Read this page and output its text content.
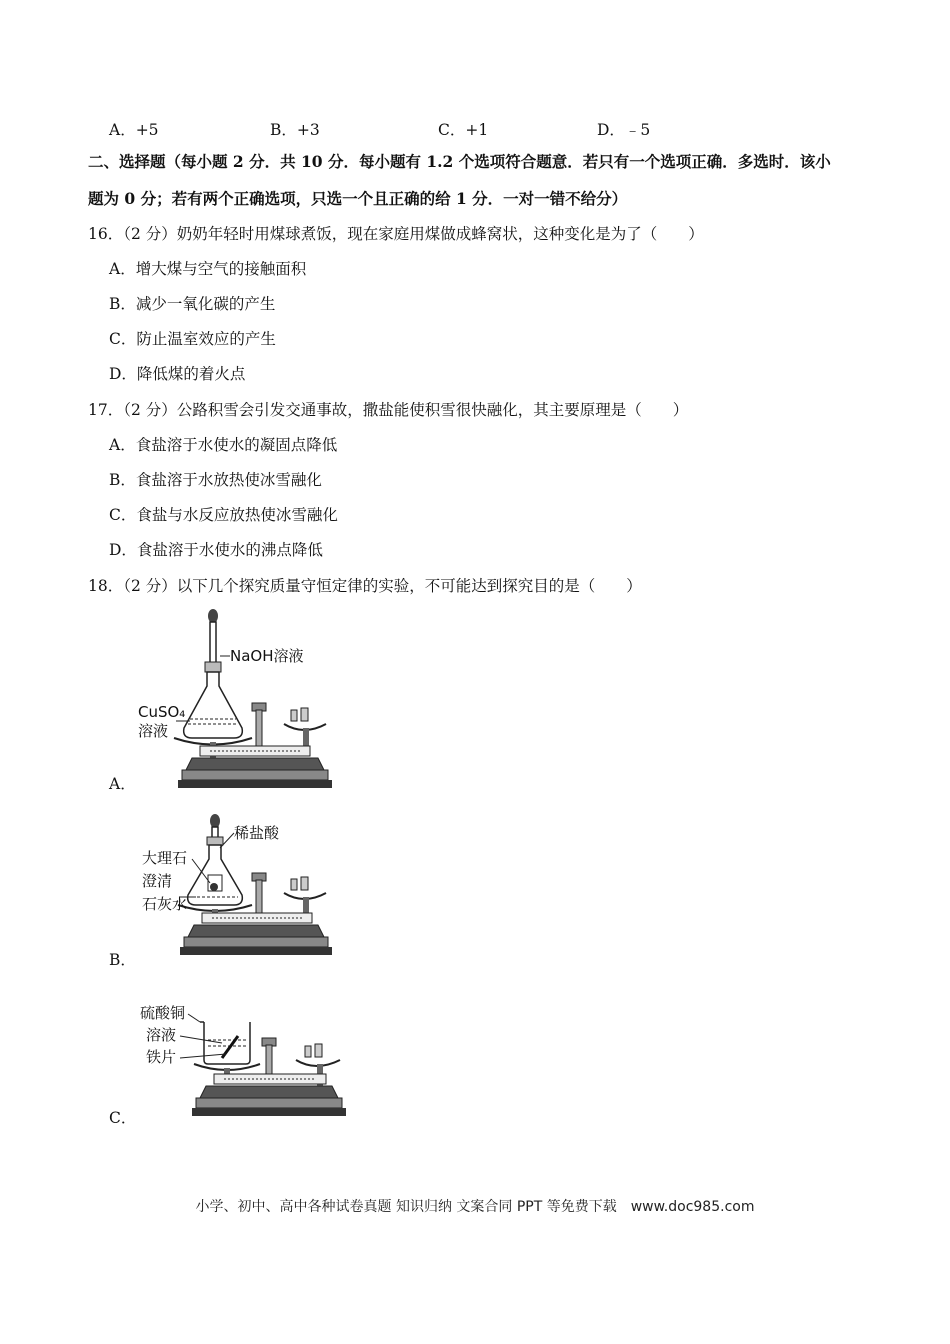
A．+5	B．+3	C．+1	D．﹣5
二、选择题（每小题 2 分．共 10 分．每小题有 1.2 个选项符合题意．若只有一个选项正确．多选时．该小
题为 0 分；若有两个正确选项，只选一个且正确的给 1 分．一对一错不给分）
16．（2 分）奶奶年轻时用煤球煮饭，现在家庭用煤做成蜂窝状，这种变化是为了（　　）
A．增大煤与空气的接触面积
B．减少一氧化碳的产生
C．防止温室效应的产生
D．降低煤的着火点
17．（2 分）公路积雪会引发交通事故，撒盐能使积雪很快融化，其主要原理是（　　）
A．食盐溶于水使水的凝固点降低
B．食盐溶于水放热使冰雪融化
C．食盐与水反应放热使冰雪融化
D．食盐溶于水使水的沸点降低
18．（2 分）以下几个探究质量守恒定律的实验，不可能达到探究目的是（　　）
A．
NaOH溶液
CuSO₄
溶液
B．
稀盐酸
大理石
澄清
石灰水
C．
硫酸铜
溶液
铁片
小学、初中、高中各种试卷真题 知识归纳 文案合同 PPT 等免费下载　www.doc985.com
